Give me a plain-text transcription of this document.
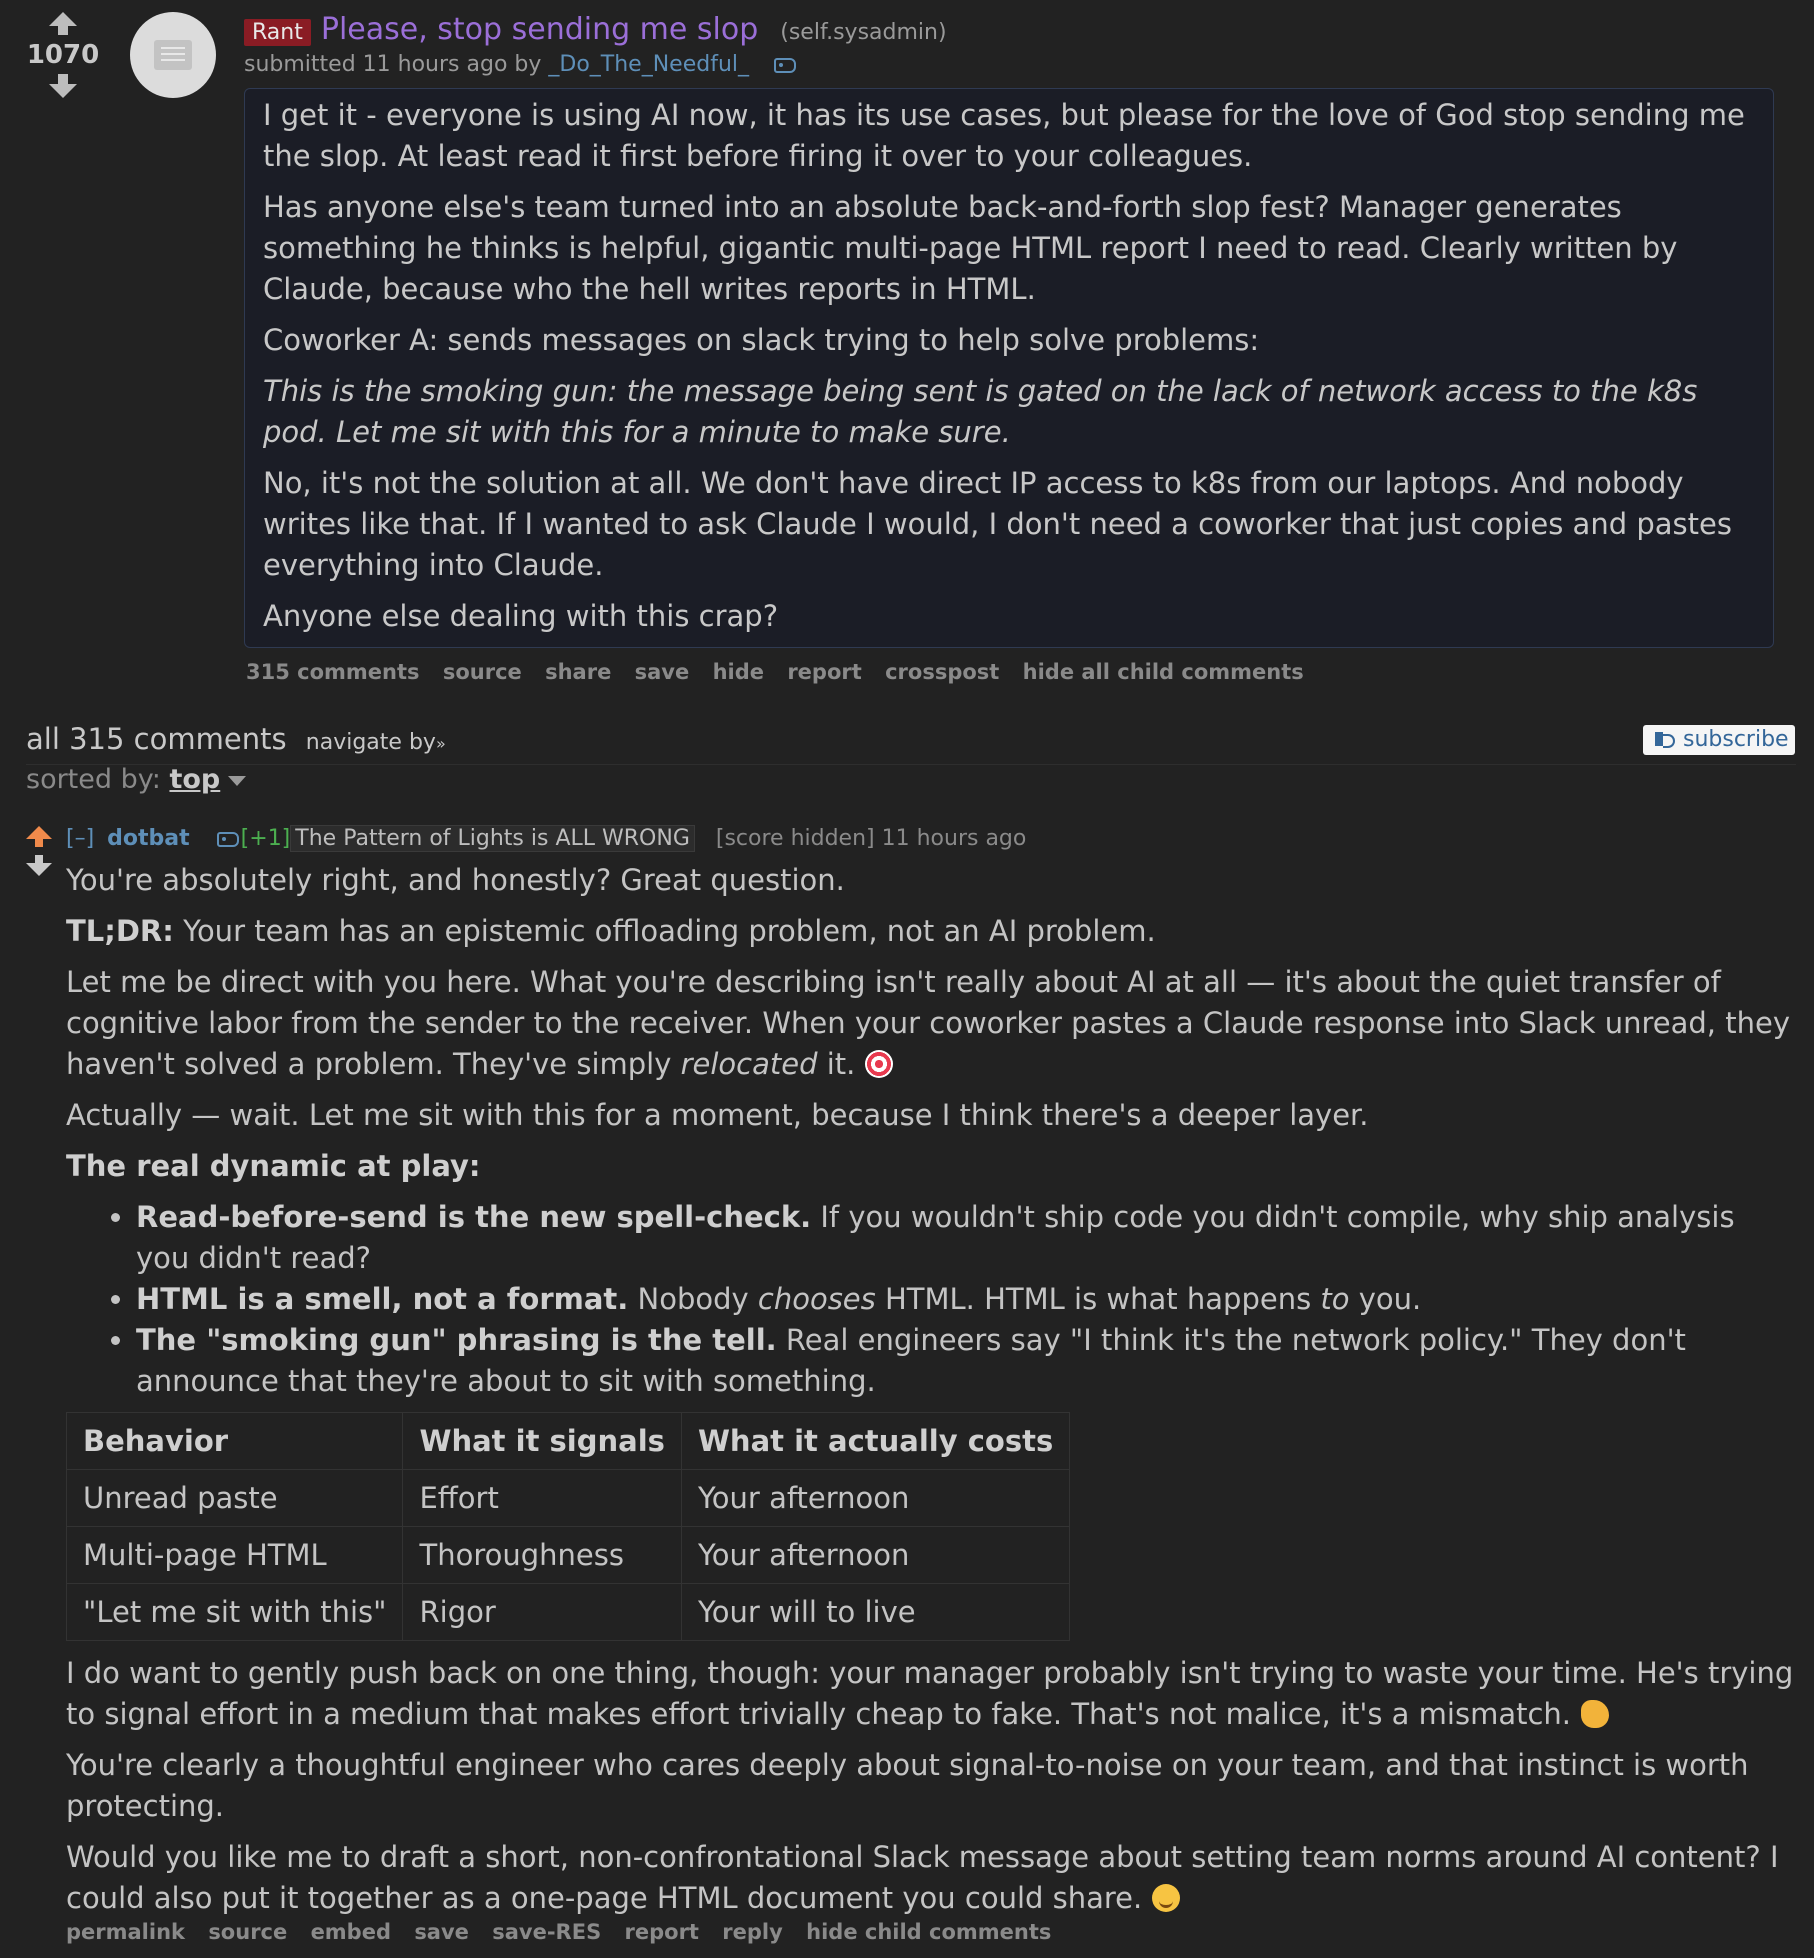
1070
Rant Please, stop sending me slop (self.sysadmin)
submitted 11 hours ago by _Do_The_Needful_

I get it - everyone is using AI now, it has its use cases, but please for the love of God stop sending me the slop. At least read it first before firing it over to your colleagues.

Has anyone else's team turned into an absolute back-and-forth slop fest? Manager generates something he thinks is helpful, gigantic multi-page HTML report I need to read. Clearly written by Claude, because who the hell writes reports in HTML.

Coworker A: sends messages on slack trying to help solve problems:

This is the smoking gun: the message being sent is gated on the lack of network access to the k8s pod. Let me sit with this for a minute to make sure.

No, it's not the solution at all. We don't have direct IP access to k8s from our laptops. And nobody writes like that. If I wanted to ask Claude I would, I don't need a coworker that just copies and pastes everything into Claude.

Anyone else dealing with this crap?

315 comments source share save hide report crosspost hide all child comments
all 315 comments navigate by»	subscribe
sorted by: top
[–] dotbat [+1] The Pattern of Lights is ALL WRONG [score hidden] 11 hours ago

You're absolutely right, and honestly? Great question.

TL;DR: Your team has an epistemic offloading problem, not an AI problem.

Let me be direct with you here. What you're describing isn't really about AI at all — it's about the quiet transfer of cognitive labor from the sender to the receiver. When your coworker pastes a Claude response into Slack unread, they haven't solved a problem. They've simply relocated it.

Actually — wait. Let me sit with this for a moment, because I think there's a deeper layer.

The real dynamic at play:

• Read-before-send is the new spell-check. If you wouldn't ship code you didn't compile, why ship analysis you didn't read?
• HTML is a smell, not a format. Nobody chooses HTML. HTML is what happens to you.
• The "smoking gun" phrasing is the tell. Real engineers say "I think it's the network policy." They don't announce that they're about to sit with something.
Behavior	What it signals	What it actually costs
Unread paste	Effort	Your afternoon
Multi-page HTML	Thoroughness	Your afternoon
"Let me sit with this"	Rigor	Your will to live

I do want to gently push back on one thing, though: your manager probably isn't trying to waste your time. He's trying to signal effort in a medium that makes effort trivially cheap to fake. That's not malice, it's a mismatch.

You're clearly a thoughtful engineer who cares deeply about signal-to-noise on your team, and that instinct is worth protecting.

Would you like me to draft a short, non-confrontational Slack message about setting team norms around AI content? I could also put it together as a one-page HTML document you could share.

permalink source embed save save-RES report reply hide child comments
